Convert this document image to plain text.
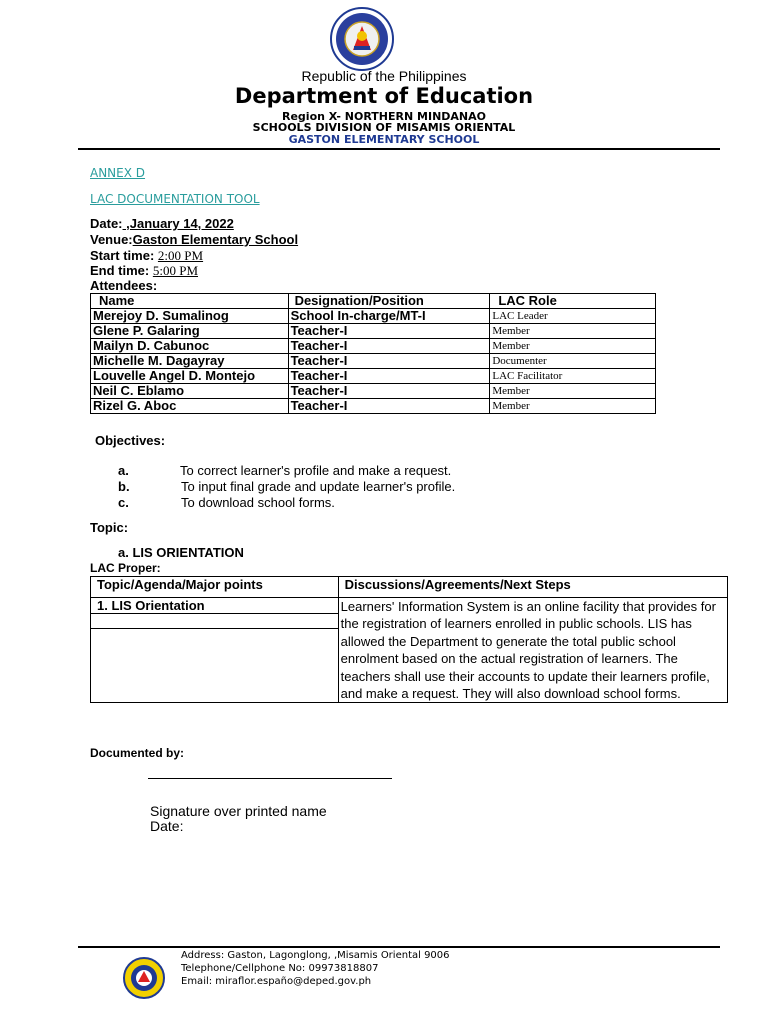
Republic of the Philippines
Department of Education
Region X- NORTHERN MINDANAO
SCHOOLS DIVISION OF MISAMIS ORIENTAL
GASTON ELEMENTARY SCHOOL
ANNEX D
LAC DOCUMENTATION TOOL
Date: ,January 14, 2022
Venue:Gaston Elementary School
Start time: 2:00 PM
End time: 5:00 PM
Attendees:
Name	Designation/Position	LAC Role
Merejoy D. Sumalinog	School In-charge/MT-I	LAC Leader
Glene P. Galaring	Teacher-I	Member
Mailyn D. Cabunoc	Teacher-I	Member
Michelle M. Dagayray	Teacher-I	Documenter
Louvelle Angel D. Montejo	Teacher-I	LAC Facilitator
Neil C. Eblamo	Teacher-I	Member
Rizel G. Aboc	Teacher-I	Member
Objectives:
a.	To correct learner's profile and make a request.
b.	To input final grade and update learner's profile.
c.	To download school forms.
Topic:
a. LIS ORIENTATION
LAC Proper:
Topic/Agenda/Major points	Discussions/Agreements/Next Steps

1. LIS Orientation	Learners' Information System is an online facility that provides for the registration of learners enrolled in public schools. LIS has allowed the Department to generate the total public school enrolment based on the actual registration of learners. The teachers shall use their accounts to update their learners profile, and make a request. They will also download school forms.
Documented by:
Signature over printed name
Date:
Address: Gaston, Lagonglong, ,Misamis Oriental 9006
Telephone/Cellphone No: 09973818807
Email: miraflor.españo@deped.gov.ph
